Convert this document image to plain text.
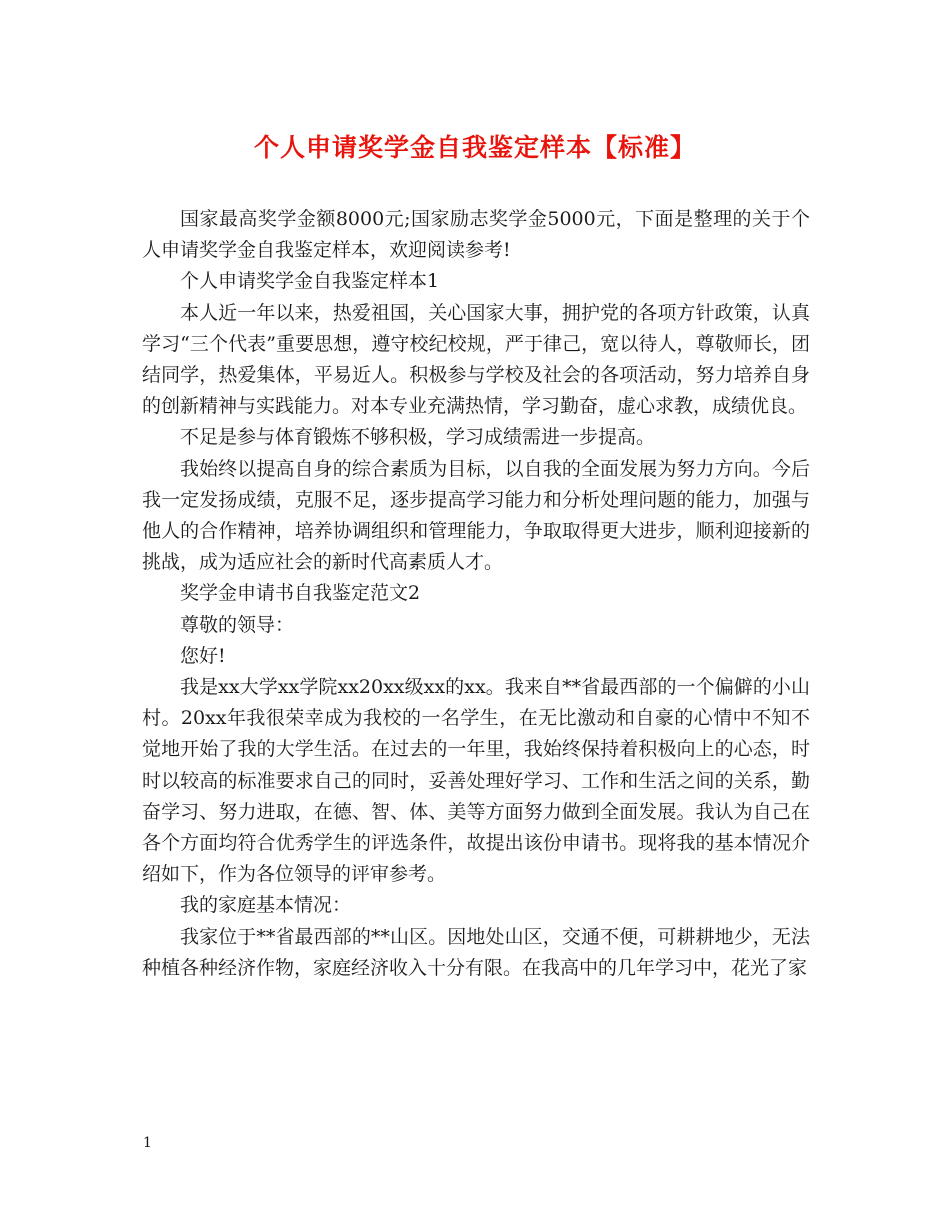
个人申请奖学金自我鉴定样本【标准】

国家最高奖学金额8000元;国家励志奖学金5000元，下面是整理的关于个人申请奖学金自我鉴定样本，欢迎阅读参考!

个人申请奖学金自我鉴定样本1

本人近一年以来，热爱祖国，关心国家大事，拥护党的各项方针政策，认真学习“三个代表”重要思想，遵守校纪校规，严于律己，宽以待人，尊敬师长，团结同学，热爱集体，平易近人。积极参与学校及社会的各项活动，努力培养自身的创新精神与实践能力。对本专业充满热情，学习勤奋，虚心求教，成绩优良。

不足是参与体育锻炼不够积极，学习成绩需进一步提高。

我始终以提高自身的综合素质为目标，以自我的全面发展为努力方向。今后我一定发扬成绩，克服不足，逐步提高学习能力和分析处理问题的能力，加强与他人的合作精神，培养协调组织和管理能力，争取取得更大进步，顺利迎接新的挑战，成为适应社会的新时代高素质人才。

奖学金申请书自我鉴定范文2

尊敬的领导：

您好!

我是xx大学xx学院xx20xx级xx的xx。我来自**省最西部的一个偏僻的小山村。20xx年我很荣幸成为我校的一名学生，在无比激动和自豪的心情中不知不觉地开始了我的大学生活。在过去的一年里，我始终保持着积极向上的心态，时时以较高的标准要求自己的同时，妥善处理好学习、工作和生活之间的关系，勤奋学习、努力进取，在德、智、体、美等方面努力做到全面发展。我认为自己在各个方面均符合优秀学生的评选条件，故提出该份申请书。现将我的基本情况介绍如下，作为各位领导的评审参考。

我的家庭基本情况：

我家位于**省最西部的**山区。因地处山区，交通不便，可耕耕地少，无法种植各种经济作物，家庭经济收入十分有限。在我高中的几年学习中，花光了家

1
